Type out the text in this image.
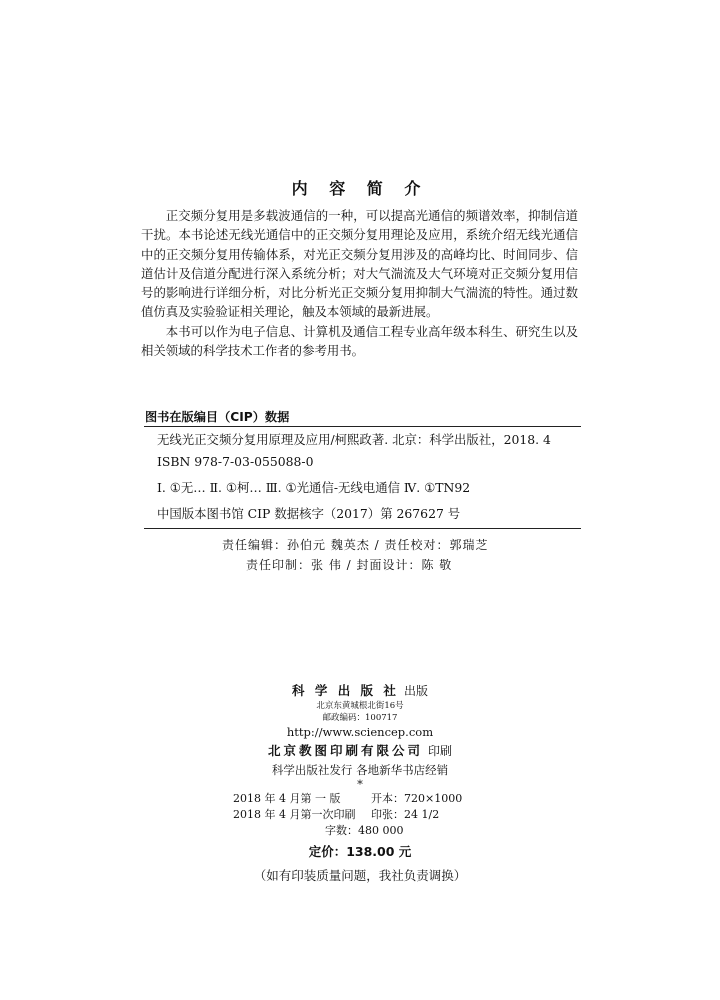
内 容 简 介

正交频分复用是多载波通信的一种，可以提高光通信的频谱效率，抑制信道干扰。本书论述无线光通信中的正交频分复用理论及应用，系统介绍无线光通信中的正交频分复用传输体系，对光正交频分复用涉及的高峰均比、时间同步、信道估计及信道分配进行深入系统分析；对大气湍流及大气环境对正交频分复用信号的影响进行详细分析，对比分析光正交频分复用抑制大气湍流的特性。通过数值仿真及实验验证相关理论，触及本领域的最新进展。

本书可以作为电子信息、计算机及通信工程专业高年级本科生、研究生以及相关领域的科学技术工作者的参考用书。

图书在版编目（CIP）数据
无线光正交频分复用原理及应用/柯熙政著. 北京：科学出版社，2018. 4
ISBN 978-7-03-055088-0
Ⅰ. ①无… Ⅱ. ①柯… Ⅲ. ①光通信-无线电通信 Ⅳ. ①TN92
中国版本图书馆 CIP 数据核字（2017）第 267627 号
责任编辑：孙伯元 魏英杰 / 责任校对：郭瑞芝
责任印制：张 伟 / 封面设计：陈 敬
科 学 出 版 社 出版
北京东黄城根北街16号
邮政编码：100717
http://www.sciencep.com
北京教图印刷有限公司 印刷
科学出版社发行 各地新华书店经销
*
2018 年 4 月第 一 版	开本：720×1000
2018 年 4 月第一次印刷 印张：24 1/2
字数：480 000
定价：138.00 元
（如有印装质量问题，我社负责调换）
